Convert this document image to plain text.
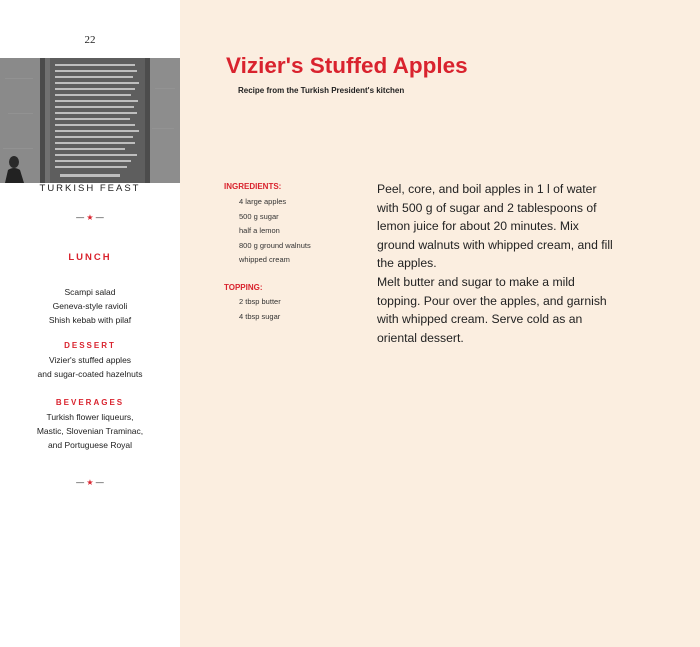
22
TURKISH FEAST
— ★ —
LUNCH
Scampi salad
Geneva-style ravioli
Shish kebab with pilaf
DESSERT
Vizier's stuffed apples
and sugar-coated hazelnuts
BEVERAGES
Turkish flower liqueurs,
Mastic, Slovenian Traminac,
and Portuguese Royal
— ★ —
Vizier's Stuffed Apples
Recipe from the Turkish President's kitchen
INGREDIENTS:
4 large apples
500 g sugar
half a lemon
800 g ground walnuts
whipped cream
TOPPING:
2 tbsp butter
4 tbsp sugar

Peel, core, and boil apples in 1 l of water with 500 g of sugar and 2 tablespoons of lemon juice for about 20 minutes. Mix ground walnuts with whipped cream, and fill the apples.

Melt butter and sugar to make a mild topping. Pour over the apples, and garnish with whipped cream. Serve cold as an oriental dessert.
